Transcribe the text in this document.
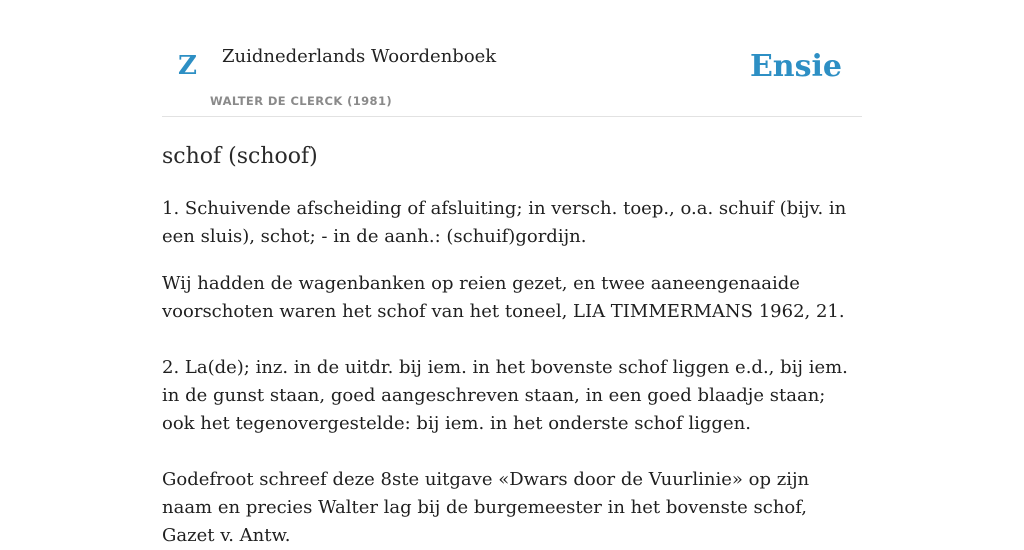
Z Zuidnederlands Woordenboek
WALTER DE CLERCK (1981)
Ensie
schof (schoof)

1. Schuivende afscheiding of afsluiting; in versch. toep., o.a. schuif (bijv. in een sluis), schot; - in de aanh.: (schuif)gordijn.

Wij hadden de wagenbanken op reien gezet, en twee aaneengenaaide voorschoten waren het schof van het toneel, LIA TIMMERMANS 1962, 21.

2. La(de); inz. in de uitdr. bij iem. in het bovenste schof liggen e.d., bij iem. in de gunst staan, goed aangeschreven staan, in een goed blaadje staan; ook het tegenovergestelde: bij iem. in het onderste schof liggen.

Godefroot schreef deze 8ste uitgave «Dwars door de Vuurlinie» op zijn naam en precies Walter lag bij de burgemeester in het bovenste schof, Gazet v. Antw.
